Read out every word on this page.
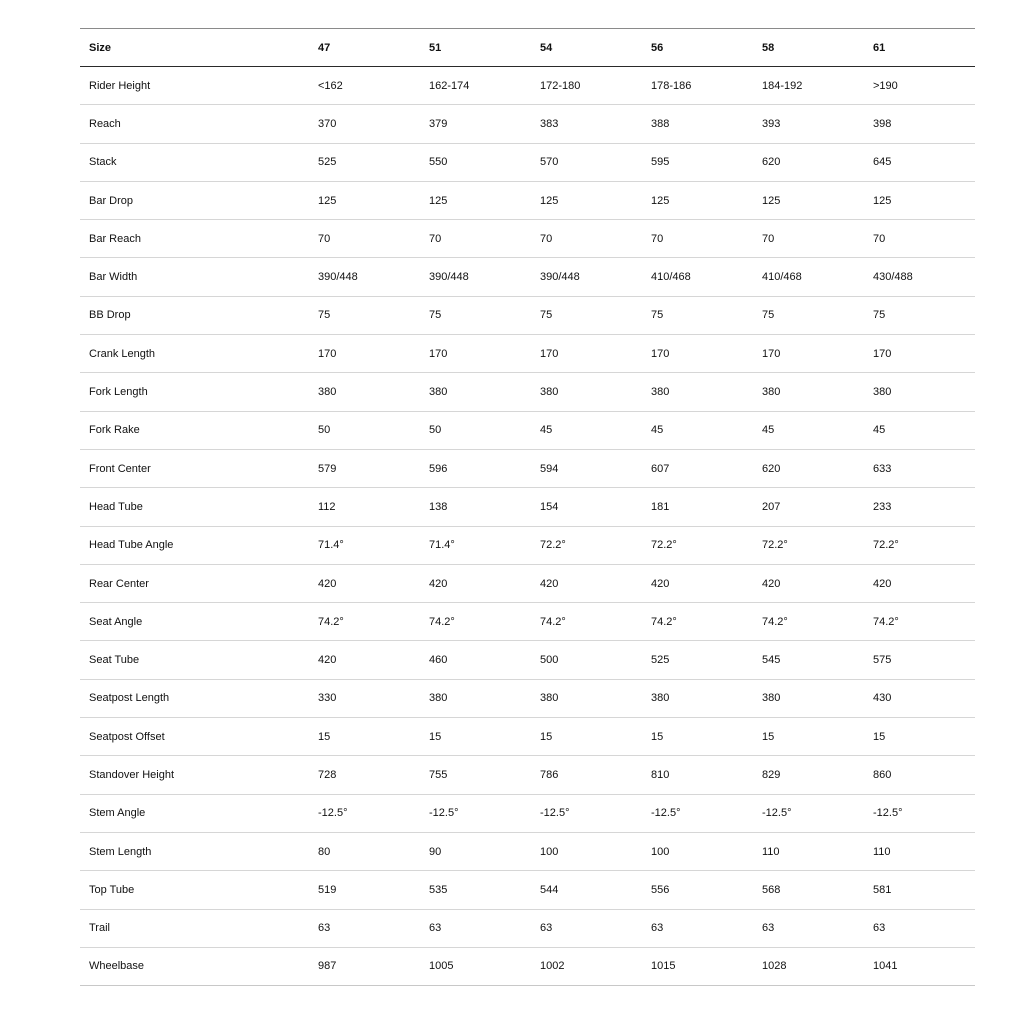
Size	47	51	54	56	58	61
Rider Height	<162	162-174	172-180	178-186	184-192	>190
Reach	370	379	383	388	393	398
Stack	525	550	570	595	620	645
Bar Drop	125	125	125	125	125	125
Bar Reach	70	70	70	70	70	70
Bar Width	390/448	390/448	390/448	410/468	410/468	430/488
BB Drop	75	75	75	75	75	75
Crank Length	170	170	170	170	170	170
Fork Length	380	380	380	380	380	380
Fork Rake	50	50	45	45	45	45
Front Center	579	596	594	607	620	633
Head Tube	112	138	154	181	207	233
Head Tube Angle	71.4°	71.4°	72.2°	72.2°	72.2°	72.2°
Rear Center	420	420	420	420	420	420
Seat Angle	74.2°	74.2°	74.2°	74.2°	74.2°	74.2°
Seat Tube	420	460	500	525	545	575
Seatpost Length	330	380	380	380	380	430
Seatpost Offset	15	15	15	15	15	15
Standover Height	728	755	786	810	829	860
Stem Angle	-12.5°	-12.5°	-12.5°	-12.5°	-12.5°	-12.5°
Stem Length	80	90	100	100	110	110
Top Tube	519	535	544	556	568	581
Trail	63	63	63	63	63	63
Wheelbase	987	1005	1002	1015	1028	1041
